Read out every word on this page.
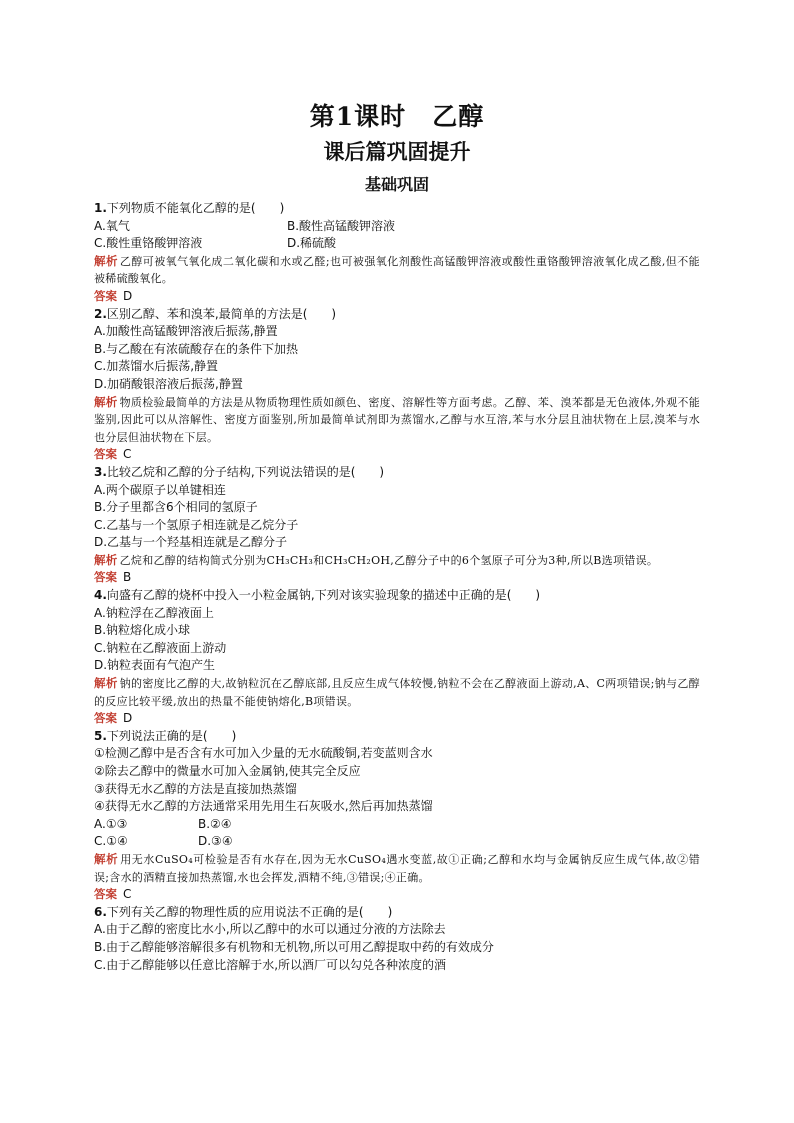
第1课时 乙醇
课后篇巩固提升
基础巩固
1.下列物质不能氧化乙醇的是(　　)
A.氧气	B.酸性高锰酸钾溶液
C.酸性重铬酸钾溶液	D.稀硫酸
解析 乙醇可被氧气氧化成二氧化碳和水或乙醛;也可被强氧化剂酸性高锰酸钾溶液或酸性重铬酸钾溶液氧化成乙酸,但不能被稀硫酸氧化。
答案 D
2.区别乙醇、苯和溴苯,最简单的方法是(　　)
A.加酸性高锰酸钾溶液后振荡,静置
B.与乙酸在有浓硫酸存在的条件下加热
C.加蒸馏水后振荡,静置
D.加硝酸银溶液后振荡,静置
解析 物质检验最简单的方法是从物质物理性质如颜色、密度、溶解性等方面考虑。乙醇、苯、溴苯都是无色液体,外观不能鉴别,因此可以从溶解性、密度方面鉴别,所加最简单试剂即为蒸馏水,乙醇与水互溶,苯与水分层且油状物在上层,溴苯与水也分层但油状物在下层。
答案 C
3.比较乙烷和乙醇的分子结构,下列说法错误的是(　　)
A.两个碳原子以单键相连
B.分子里都含6个相同的氢原子
C.乙基与一个氢原子相连就是乙烷分子
D.乙基与一个羟基相连就是乙醇分子
解析 乙烷和乙醇的结构简式分别为CH₃CH₃和CH₃CH₂OH,乙醇分子中的6个氢原子可分为3种,所以B选项错误。
答案 B
4.向盛有乙醇的烧杯中投入一小粒金属钠,下列对该实验现象的描述中正确的是(　　)
A.钠粒浮在乙醇液面上
B.钠粒熔化成小球
C.钠粒在乙醇液面上游动
D.钠粒表面有气泡产生
解析 钠的密度比乙醇的大,故钠粒沉在乙醇底部,且反应生成气体较慢,钠粒不会在乙醇液面上游动,A、C两项错误;钠与乙醇的反应比较平缓,放出的热量不能使钠熔化,B项错误。
答案 D
5.下列说法正确的是(　　)
①检测乙醇中是否含有水可加入少量的无水硫酸铜,若变蓝则含水
②除去乙醇中的微量水可加入金属钠,使其完全反应
③获得无水乙醇的方法是直接加热蒸馏
④获得无水乙醇的方法通常采用先用生石灰吸水,然后再加热蒸馏
A.①③	B.②④
C.①④	D.③④
解析 用无水CuSO₄可检验是否有水存在,因为无水CuSO₄遇水变蓝,故①正确;乙醇和水均与金属钠反应生成气体,故②错误;含水的酒精直接加热蒸馏,水也会挥发,酒精不纯,③错误;④正确。
答案 C
6.下列有关乙醇的物理性质的应用说法不正确的是(　　)
A.由于乙醇的密度比水小,所以乙醇中的水可以通过分液的方法除去
B.由于乙醇能够溶解很多有机物和无机物,所以可用乙醇提取中药的有效成分
C.由于乙醇能够以任意比溶解于水,所以酒厂可以勾兑各种浓度的酒
